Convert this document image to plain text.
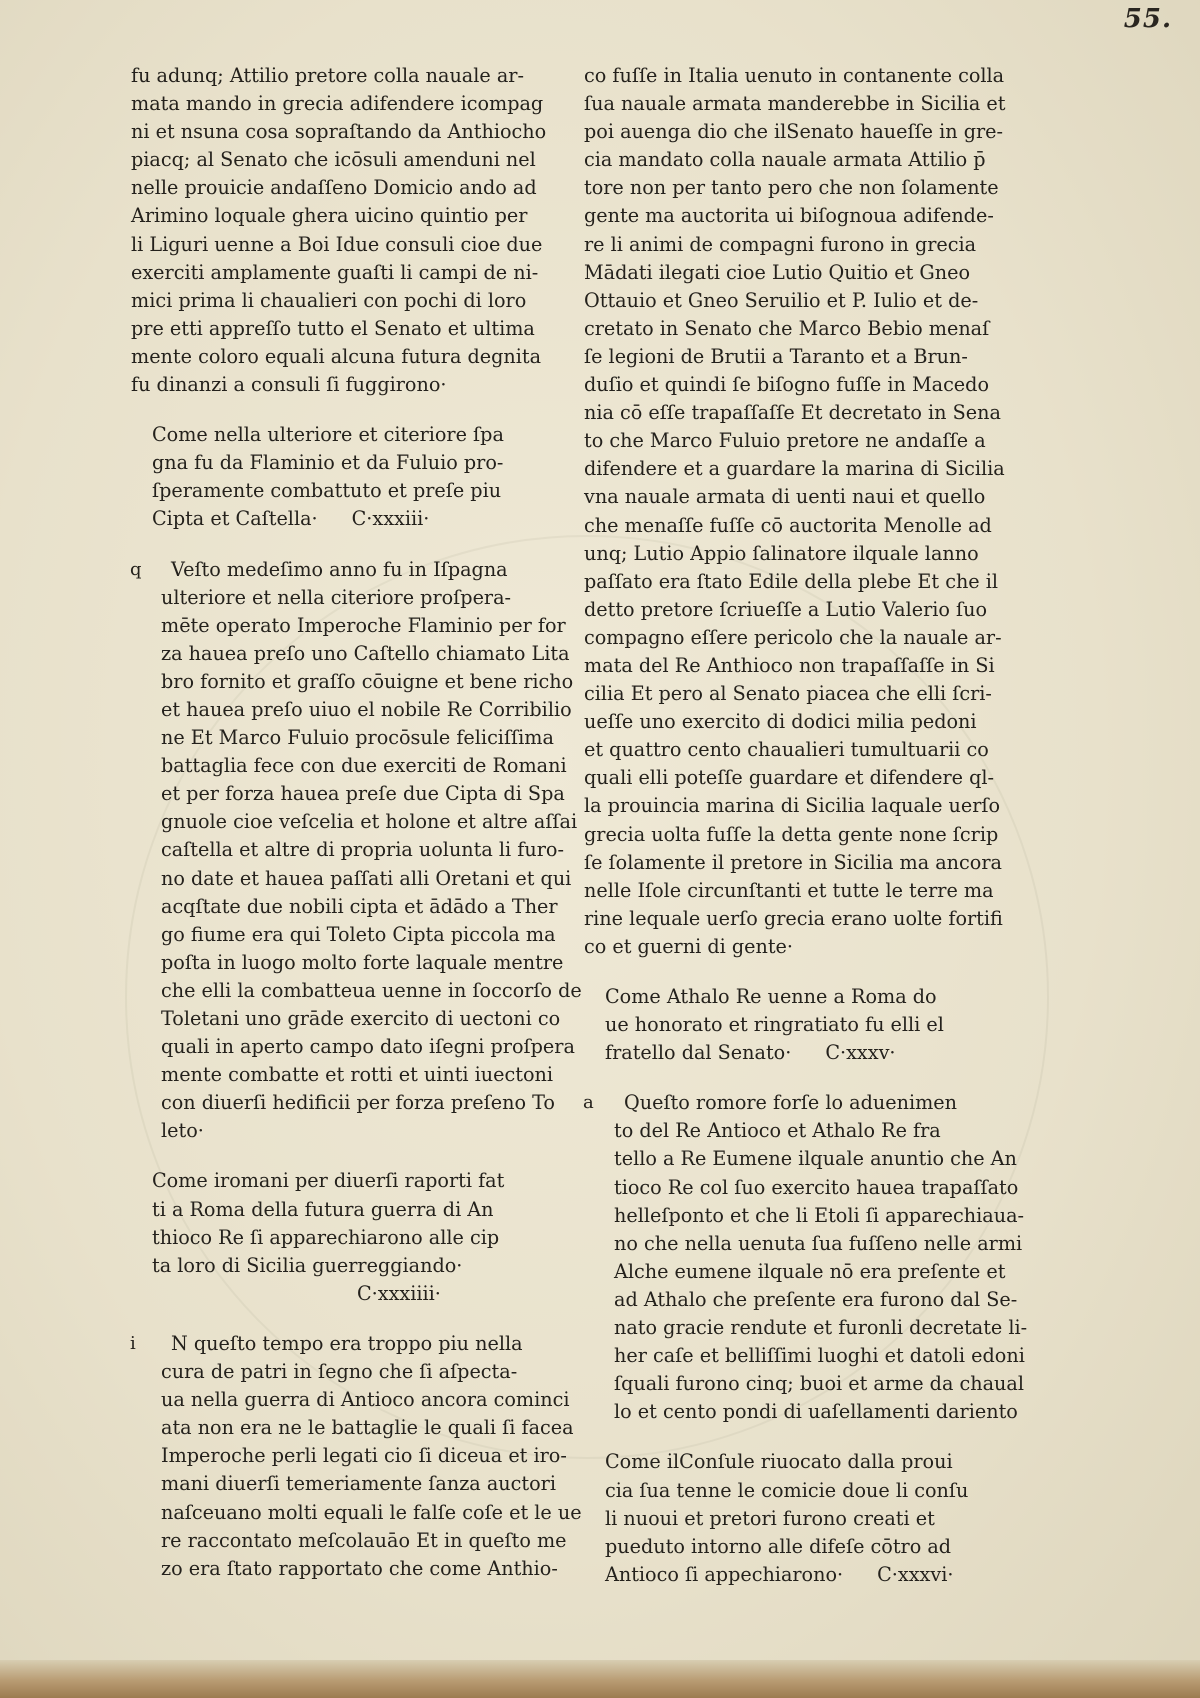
55.
fu adunq; Attilio pretore colla nauale ar-
mata mando in grecia adifendere icompag
ni et nsuna cosa sopraſtando da Anthiocho
piacq; al Senato che icōsuli amenduni nel
nelle prouicie andaſſeno Domicio ando ad
Arimino loquale ghera uicino quintio per
li Liguri uenne a Boi Idue consuli cioe due
exerciti amplamente guaſti li campi de ni-
mici prima li chaualieri con pochi di loro
pre etti appreſſo tutto el Senato et ultima
mente coloro equali alcuna futura degnita
fu dinanzi a consuli ſi fuggirono·
Come nella ulteriore et citeriore ſpa
gna fu da Flaminio et da Fuluio pro-
ſperamente combattuto et preſe piu
Cipta et Caſtella· C·xxxiii·
q Veſto medeſimo anno fu in Iſpagna
ulteriore et nella citeriore proſpera-
mēte operato Imperoche Flaminio per for
za hauea preſo uno Caſtello chiamato Lita
bro fornito et graſſo cōuigne et bene richo
et hauea preſo uiuo el nobile Re Corribilio
ne Et Marco Fuluio procōsule feliciſſima
battaglia fece con due exerciti de Romani
et per forza hauea preſe due Cipta di Spa
gnuole cioe veſcelia et holone et altre aſſai
caſtella et altre di propria uolunta li furo-
no date et hauea paſſati alli Oretani et qui
acqſtate due nobili cipta et ādādo a Ther
go fiume era qui Toleto Cipta piccola ma
poſta in luogo molto forte laquale mentre
che elli la combatteua uenne in ſoccorſo de
Toletani uno grāde exercito di uectoni co
quali in aperto campo dato iſegni proſpera
mente combatte et rotti et uinti iuectoni
con diuerſi hedificii per forza preſeno To
leto·
Come iromani per diuerſi raporti fat
ti a Roma della futura guerra di An
thioco Re ſi apparechiarono alle cip
ta loro di Sicilia guerreggiando·
C·xxxiiii·
i N queſto tempo era troppo piu nella
cura de patri in ſegno che ſi aſpecta-
ua nella guerra di Antioco ancora cominci
ata non era ne le battaglie le quali ſi facea
Imperoche perli legati cio ſi diceua et iro-
mani diuerſi temeriamente ſanza auctori
naſceuano molti equali le falſe coſe et le ue
re raccontato meſcolauāo Et in queſto me
zo era ſtato rapportato che come Anthio-
co fuſſe in Italia uenuto in contanente colla
ſua nauale armata manderebbe in Sicilia et
poi auenga dio che ilSenato haueſſe in gre-
cia mandato colla nauale armata Attilio p̄
tore non per tanto pero che non ſolamente
gente ma auctorita ui biſognoua adifende-
re li animi de compagni furono in grecia
Mādati ilegati cioe Lutio Quitio et Gneo
Ottauio et Gneo Seruilio et P. Iulio et de-
cretato in Senato che Marco Bebio menaſ
ſe legioni de Brutii a Taranto et a Brun-
duſio et quindi ſe biſogno fuſſe in Macedo
nia cō eſſe trapaſſaſſe Et decretato in Sena
to che Marco Fuluio pretore ne andaſſe a
difendere et a guardare la marina di Sicilia
vna nauale armata di uenti naui et quello
che menaſſe fuſſe cō auctorita Menolle ad
unq; Lutio Appio ſalinatore ilquale lanno
paſſato era ſtato Edile della plebe Et che il
detto pretore ſcriueſſe a Lutio Valerio ſuo
compagno eſſere pericolo che la nauale ar-
mata del Re Anthioco non trapaſſaſſe in Si
cilia Et pero al Senato piacea che elli ſcri-
ueſſe uno exercito di dodici milia pedoni
et quattro cento chaualieri tumultuarii co
quali elli poteſſe guardare et difendere ql-
la prouincia marina di Sicilia laquale uerſo
grecia uolta fuſſe la detta gente none ſcrip
ſe ſolamente il pretore in Sicilia ma ancora
nelle Iſole circunſtanti et tutte le terre ma
rine lequale uerſo grecia erano uolte fortifi
co et guerni di gente·
Come Athalo Re uenne a Roma do
ue honorato et ringratiato fu elli el
fratello dal Senato· C·xxxv·
a Queſto romore forſe lo aduenimen
to del Re Antioco et Athalo Re fra
tello a Re Eumene ilquale anuntio che An
tioco Re col ſuo exercito hauea trapaſſato
helleſponto et che li Etoli ſi apparechiaua-
no che nella uenuta ſua fuſſeno nelle armi
Alche eumene ilquale nō era preſente et
ad Athalo che preſente era furono dal Se-
nato gracie rendute et furonli decretate li-
her caſe et belliſſimi luoghi et datoli edoni
ſquali furono cinq; buoi et arme da chaual
lo et cento pondi di uaſellamenti dariento
Come ilConſule riuocato dalla proui
cia ſua tenne le comicie doue li conſu
li nuoui et pretori furono creati et
pueduto intorno alle difeſe cōtro ad
Antioco ſi appechiarono· C·xxxvi·
